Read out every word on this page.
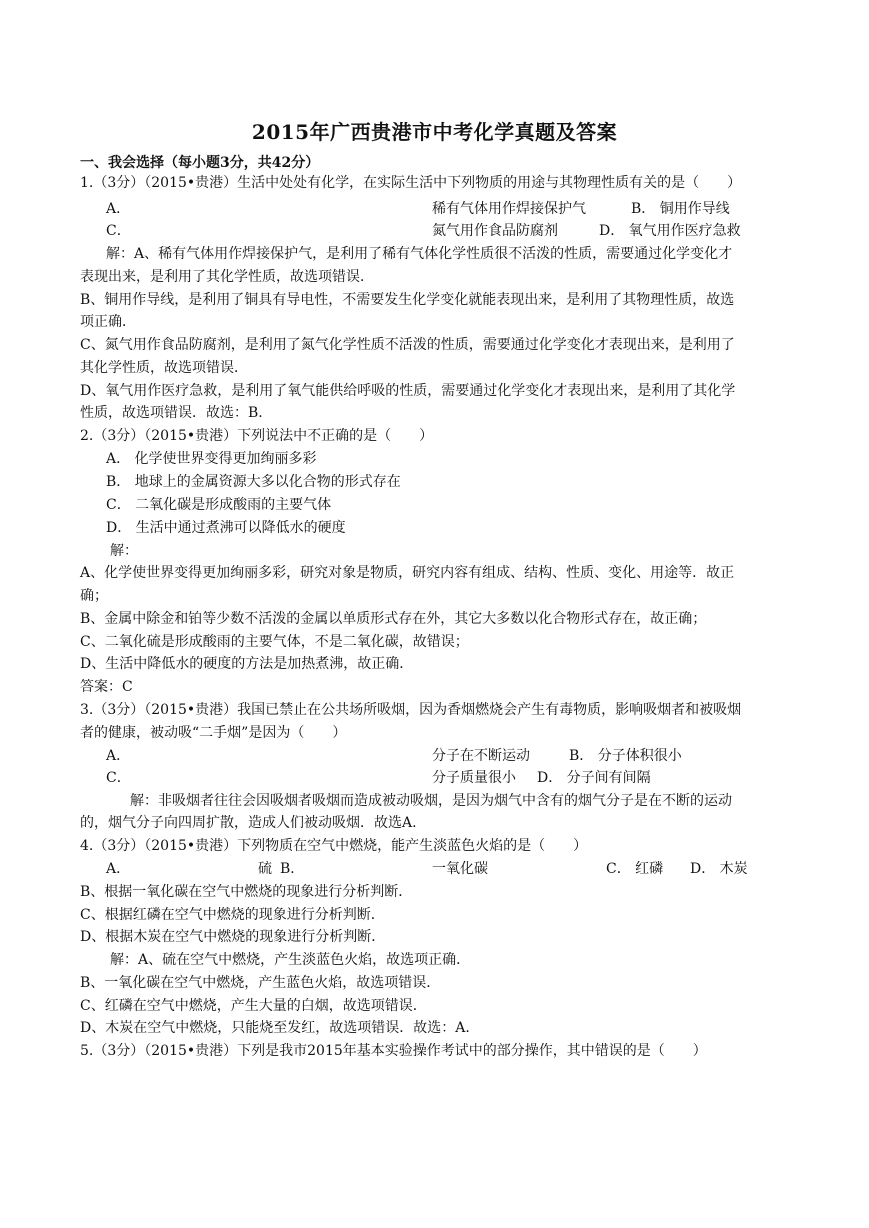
2015年广西贵港市中考化学真题及答案
一、我会选择（每小题3分，共42分）
1.（3分）（2015•贵港）生活中处处有化学，在实际生活中下列物质的用途与其物理性质有关的是（　　）
A．	稀有气体用作焊接保护气	B． 铜用作导线
C．	氮气用作食品防腐剂	D． 氧气用作医疗急救
解：A、稀有气体用作焊接保护气，是利用了稀有气体化学性质很不活泼的性质，需要通过化学变化才
表现出来，是利用了其化学性质，故选项错误．
B、铜用作导线，是利用了铜具有导电性，不需要发生化学变化就能表现出来，是利用了其物理性质，故选
项正确．
C、氮气用作食品防腐剂，是利用了氮气化学性质不活泼的性质，需要通过化学变化才表现出来，是利用了
其化学性质，故选项错误．
D、氧气用作医疗急救，是利用了氧气能供给呼吸的性质，需要通过化学变化才表现出来，是利用了其化学
性质，故选项错误．故选：B.
2.（3分）（2015•贵港）下列说法中不正确的是（　　）
A． 化学使世界变得更加绚丽多彩
B． 地球上的金属资源大多以化合物的形式存在
C． 二氧化碳是形成酸雨的主要气体
D． 生活中通过煮沸可以降低水的硬度
解：
A、化学使世界变得更加绚丽多彩，研究对象是物质，研究内容有组成、结构、性质、变化、用途等．故正
确；
B、金属中除金和铂等少数不活泼的金属以单质形式存在外，其它大多数以化合物形式存在，故正确；
C、二氧化硫是形成酸雨的主要气体，不是二氧化碳，故错误；
D、生活中降低水的硬度的方法是加热煮沸，故正确．
答案：C
3.（3分）（2015•贵港）我国已禁止在公共场所吸烟，因为香烟燃烧会产生有毒物质，影响吸烟者和被吸烟
者的健康，被动吸“二手烟”是因为（　　）
A．	分子在不断运动	B． 分子体积很小
C．	分子质量很小 D． 分子间有间隔
解：非吸烟者往往会因吸烟者吸烟而造成被动吸烟，是因为烟气中含有的烟气分子是在不断的运动
的，烟气分子向四周扩散，造成人们被动吸烟．故选A.
4.（3分）（2015•贵港）下列物质在空气中燃烧，能产生淡蓝色火焰的是（　　）
A．	硫 B．	一氧化碳	C． 红磷 D． 木炭
B、根据一氧化碳在空气中燃烧的现象进行分析判断．
C、根据红磷在空气中燃烧的现象进行分析判断．
D、根据木炭在空气中燃烧的现象进行分析判断．
解：A、硫在空气中燃烧，产生淡蓝色火焰，故选项正确．
B、一氧化碳在空气中燃烧，产生蓝色火焰，故选项错误．
C、红磷在空气中燃烧，产生大量的白烟，故选项错误．
D、木炭在空气中燃烧，只能烧至发红，故选项错误．故选：A.
5.（3分）（2015•贵港）下列是我市2015年基本实验操作考试中的部分操作，其中错误的是（　　）
